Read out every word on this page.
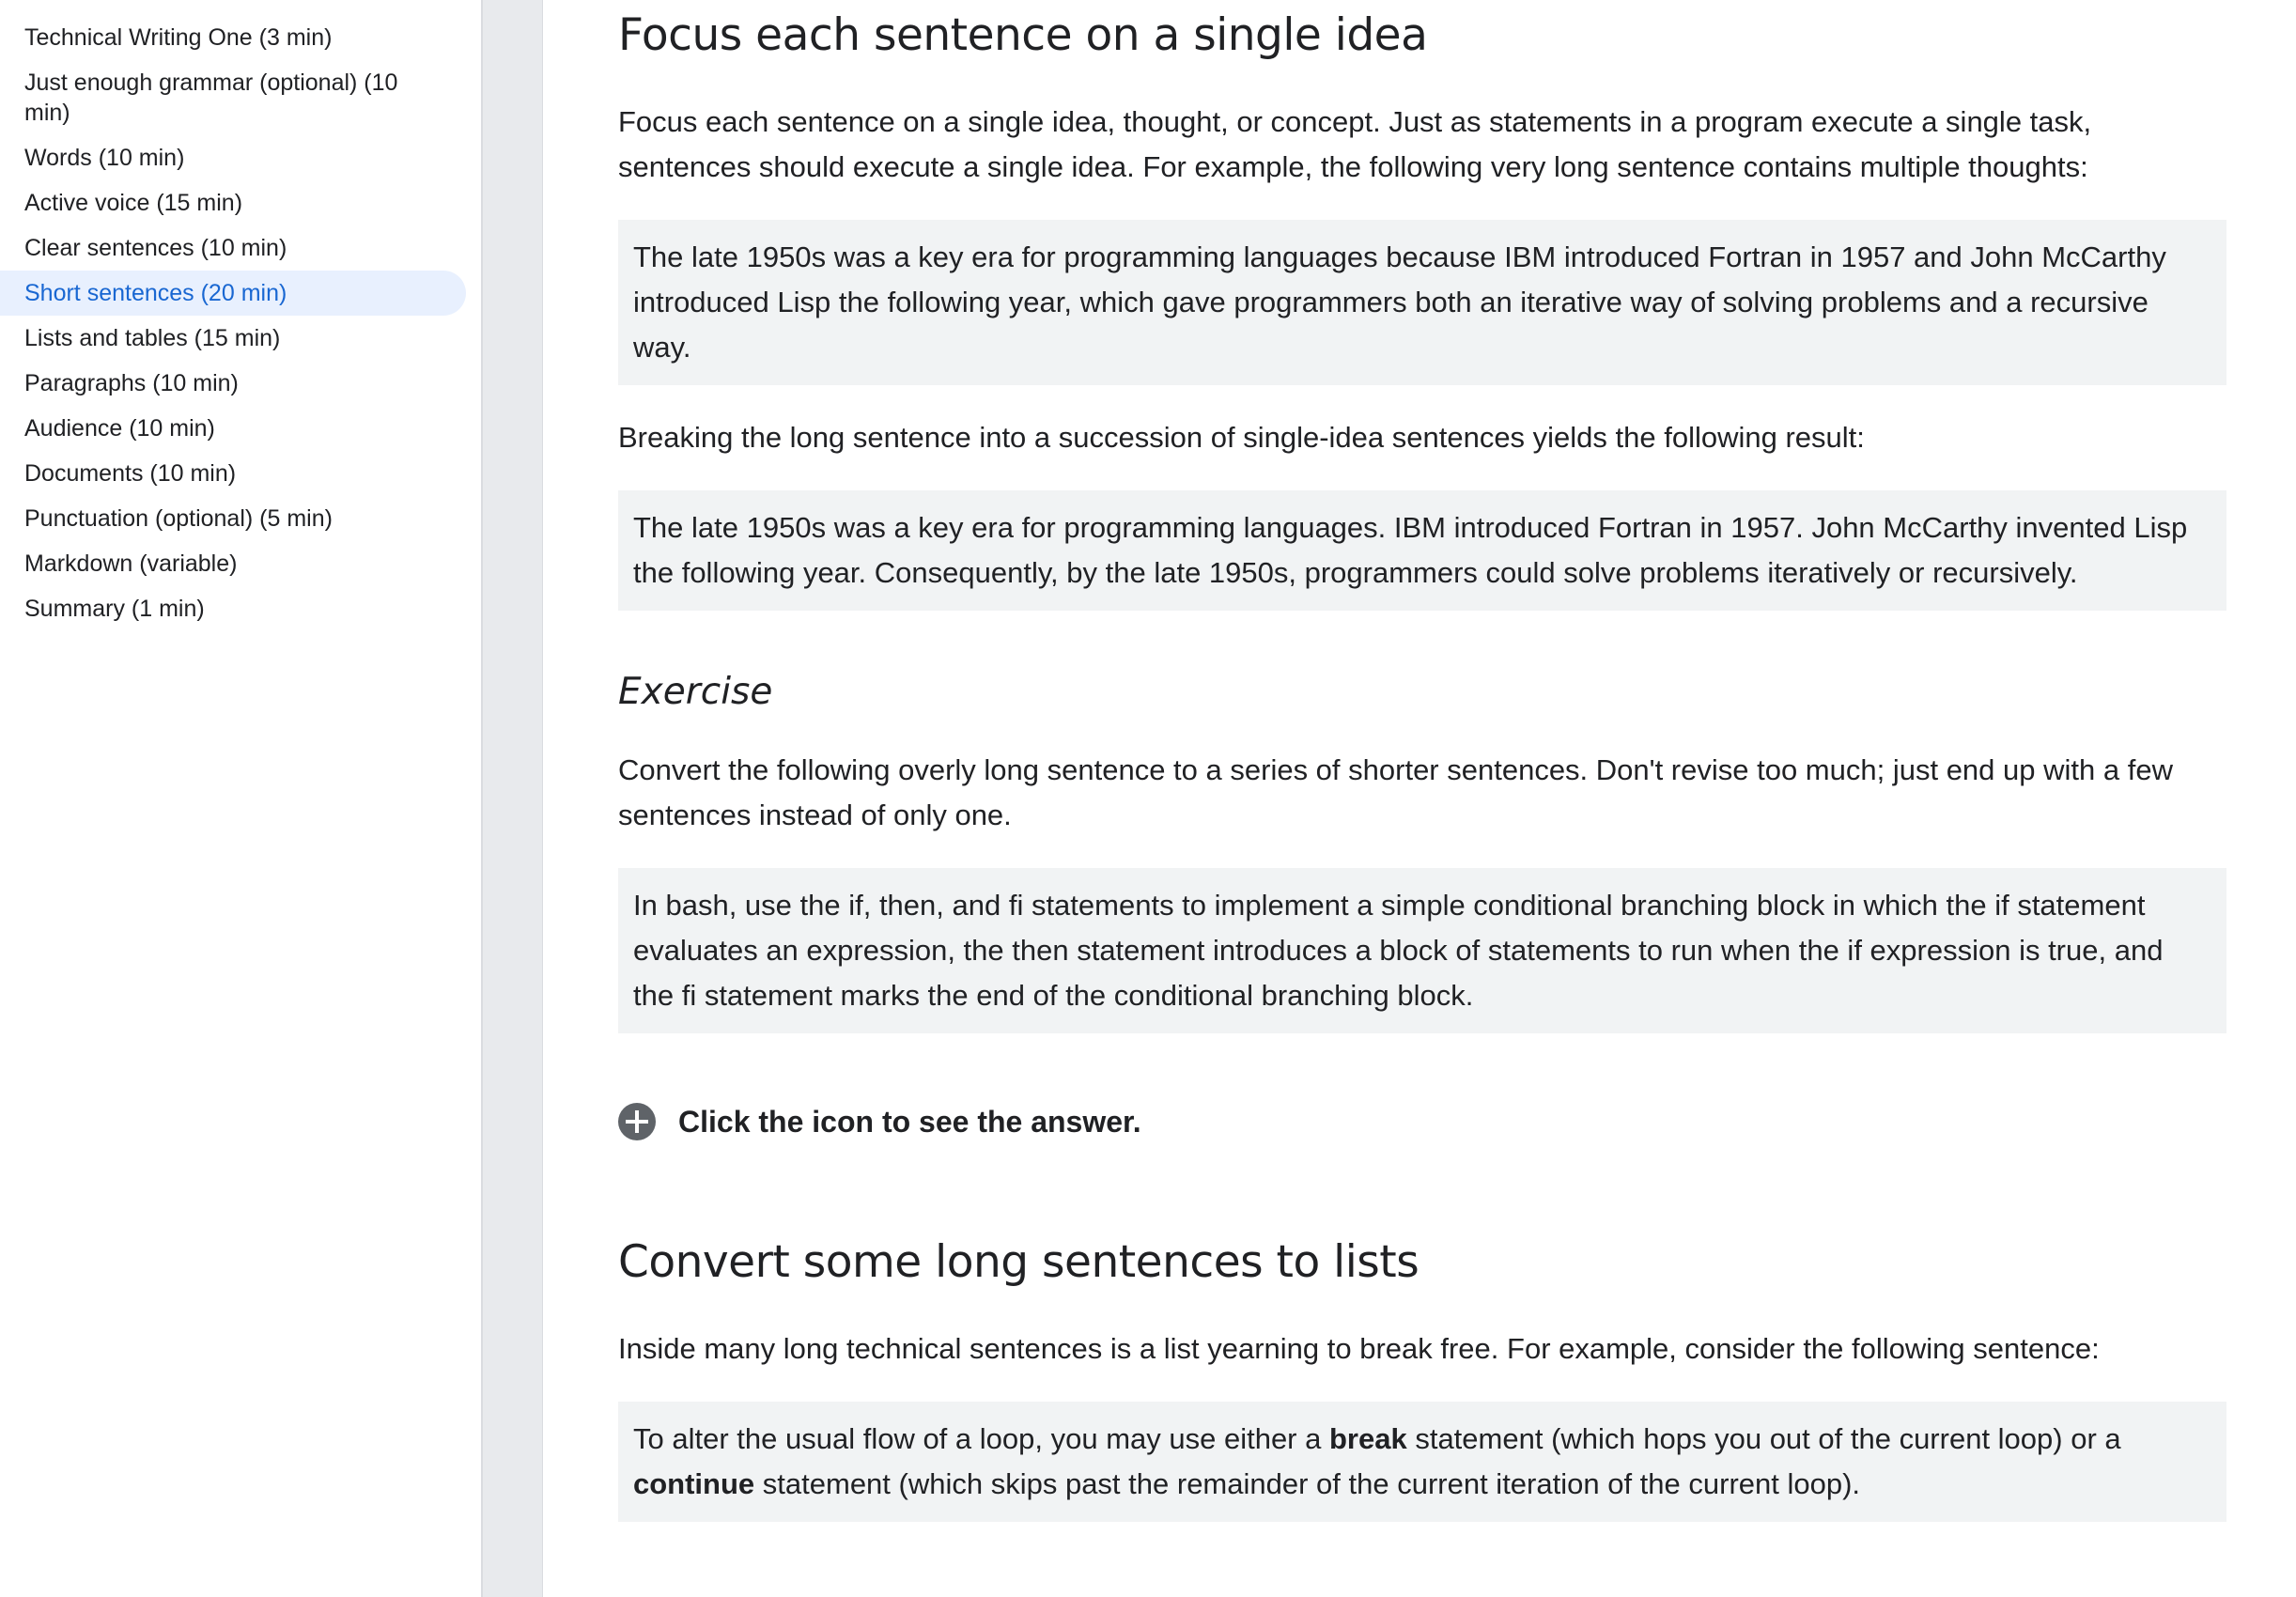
Technical Writing One (3 min)
Just enough grammar (optional) (10 min)
Words (10 min)
Active voice (15 min)
Clear sentences (10 min)
Short sentences (20 min)
Lists and tables (15 min)
Paragraphs (10 min)
Audience (10 min)
Documents (10 min)
Punctuation (optional) (5 min)
Markdown (variable)
Summary (1 min)
Focus each sentence on a single idea

Focus each sentence on a single idea, thought, or concept. Just as statements in a program execute a single task, sentences should execute a single idea. For example, the following very long sentence contains multiple thoughts:

The late 1950s was a key era for programming languages because IBM introduced Fortran in 1957 and John McCarthy introduced Lisp the following year, which gave programmers both an iterative way of solving problems and a recursive way.

Breaking the long sentence into a succession of single-idea sentences yields the following result:

The late 1950s was a key era for programming languages. IBM introduced Fortran in 1957. John McCarthy invented Lisp the following year. Consequently, by the late 1950s, programmers could solve problems iteratively or recursively.
Exercise

Convert the following overly long sentence to a series of shorter sentences. Don't revise too much; just end up with a few sentences instead of only one.

In bash, use the if, then, and fi statements to implement a simple conditional branching block in which the if statement evaluates an expression, the then statement introduces a block of statements to run when the if expression is true, and the fi statement marks the end of the conditional branching block.
Click the icon to see the answer.
Convert some long sentences to lists

Inside many long technical sentences is a list yearning to break free. For example, consider the following sentence:

To alter the usual flow of a loop, you may use either a break statement (which hops you out of the current loop) or a continue statement (which skips past the remainder of the current iteration of the current loop).
